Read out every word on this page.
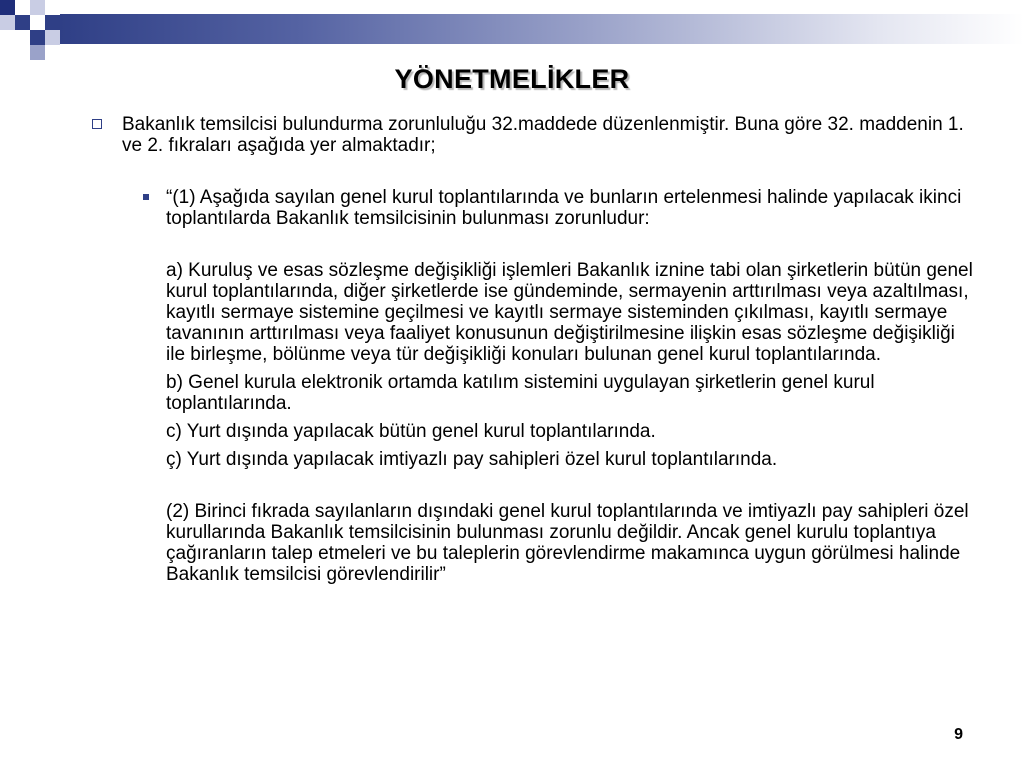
YÖNETMELİKLER
Bakanlık temsilcisi bulundurma zorunluluğu 32.maddede düzenlenmiştir. Buna göre 32. maddenin 1. ve 2. fıkraları aşağıda yer almaktadır;
“(1) Aşağıda sayılan genel kurul toplantılarında ve bunların ertelenmesi halinde yapılacak ikinci toplantılarda Bakanlık temsilcisinin bulunması zorunludur:
a) Kuruluş ve esas sözleşme değişikliği işlemleri Bakanlık iznine tabi olan şirketlerin bütün genel kurul toplantılarında, diğer şirketlerde ise gündeminde, sermayenin arttırılması veya azaltılması, kayıtlı sermaye sistemine geçilmesi ve kayıtlı sermaye sisteminden çıkılması, kayıtlı sermaye tavanının arttırılması veya faaliyet konusunun değiştirilmesine ilişkin esas sözleşme değişikliği ile birleşme, bölünme veya tür değişikliği konuları bulunan genel kurul toplantılarında.
b) Genel kurula elektronik ortamda katılım sistemini uygulayan şirketlerin genel kurul toplantılarında.
c) Yurt dışında yapılacak bütün genel kurul toplantılarında.
ç) Yurt dışında yapılacak imtiyazlı pay sahipleri özel kurul toplantılarında.
(2) Birinci fıkrada sayılanların dışındaki genel kurul toplantılarında ve imtiyazlı pay sahipleri özel kurullarında Bakanlık temsilcisinin bulunması zorunlu değildir. Ancak genel kurulu toplantıya çağıranların talep etmeleri ve bu taleplerin görevlendirme makamınca uygun görülmesi halinde Bakanlık temsilcisi görevlendirilir”
9
